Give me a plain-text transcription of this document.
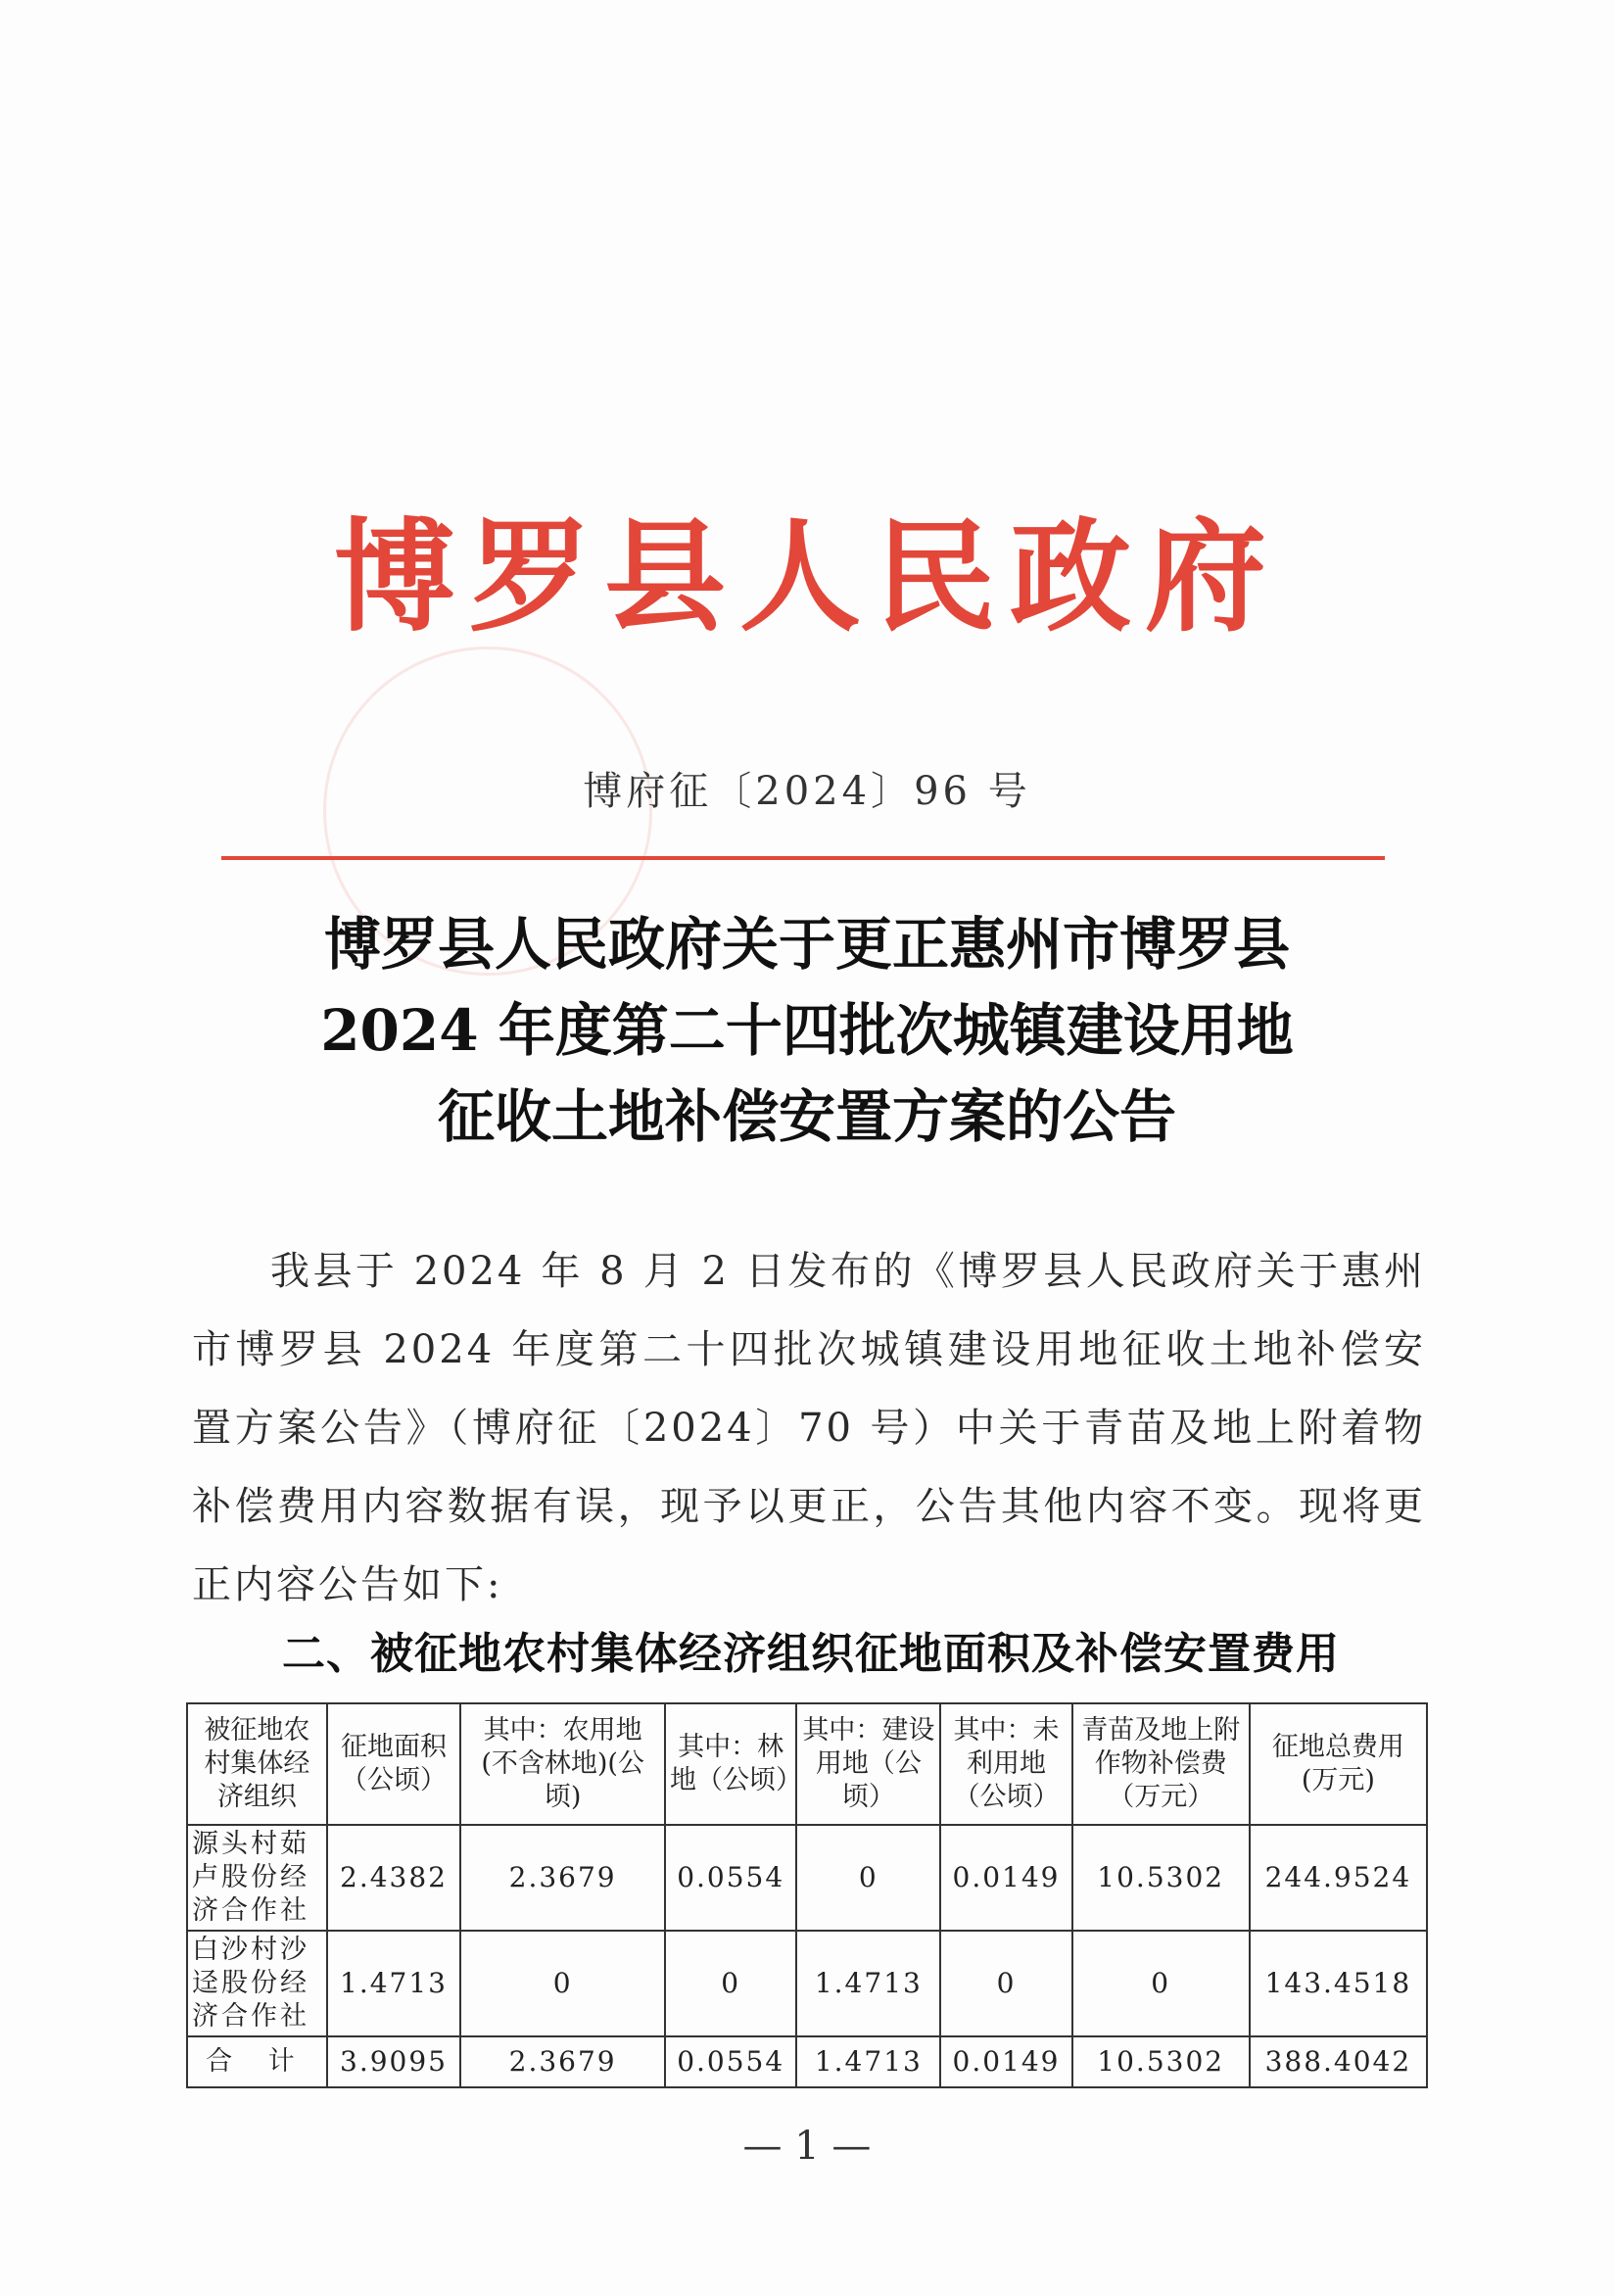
博罗县人民政府
博府征〔2024〕96 号
博罗县人民政府关于更正惠州市博罗县
2024 年度第二十四批次城镇建设用地
征收土地补偿安置方案的公告
我县于 2024 年 8 月 2 日发布的《博罗县人民政府关于惠州市博罗县 2024 年度第二十四批次城镇建设用地征收土地补偿安置方案公告》（博府征〔2024〕70 号）中关于青苗及地上附着物补偿费用内容数据有误，现予以更正，公告其他内容不变。现将更正内容公告如下:
二、被征地农村集体经济组织征地面积及补偿安置费用
被征地农村集体经济组织	征地面积（公顷）	其中：农用地(不含林地)(公顷)	其中：林地（公顷）	其中：建设用地（公顷）	其中：未利用地（公顷）	青苗及地上附作物补偿费（万元）	征地总费用(万元)
源头村茹卢股份经济合作社	2.4382	2.3679	0.0554	0	0.0149	10.5302	244.9524
白沙村沙迳股份经济合作社	1.4713	0	0	1.4713	0	0	143.4518
合 计	3.9095	2.3679	0.0554	1.4713	0.0149	10.5302	388.4042
— 1 —
